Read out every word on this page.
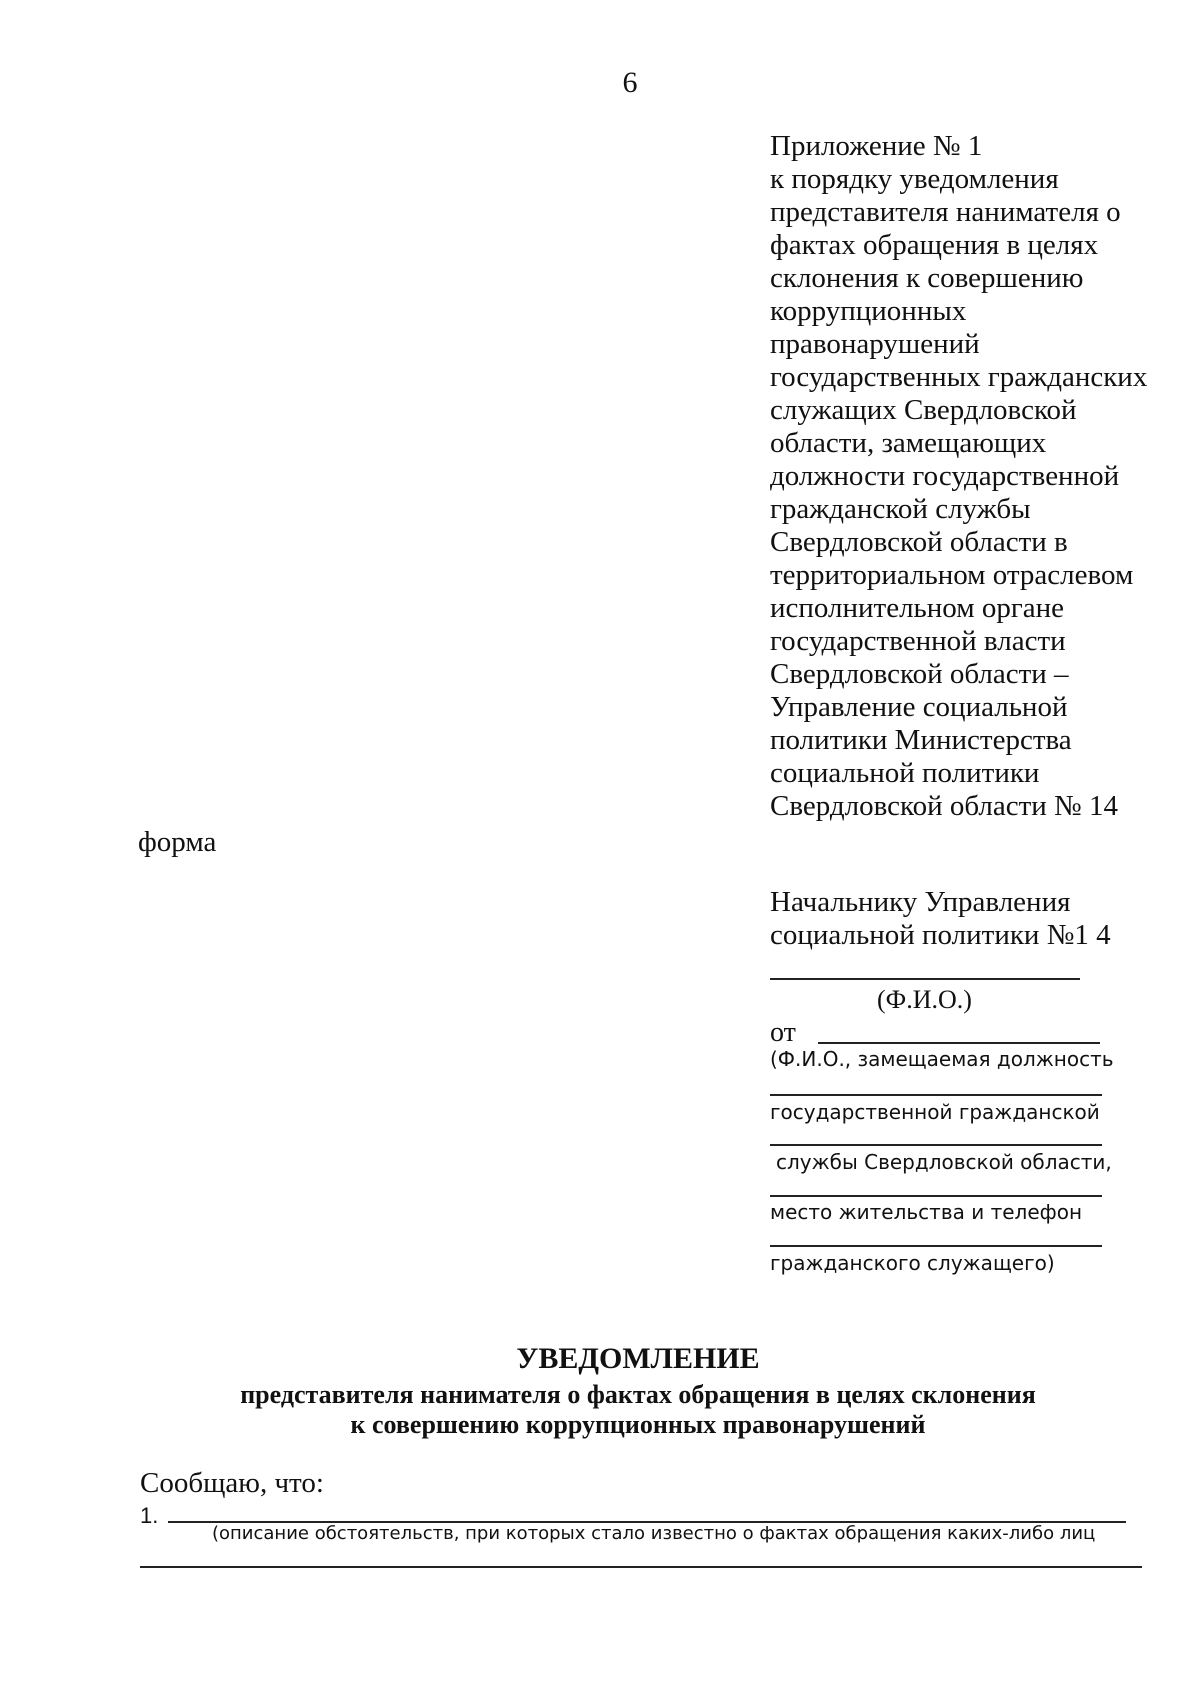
6
Приложение № 1
к порядку уведомления
представителя нанимателя о
фактах обращения в целях
склонения к совершению
коррупционных
правонарушений
государственных гражданских
служащих Свердловской
области, замещающих
должности государственной
гражданской службы
Свердловской области в
территориальном отраслевом
исполнительном органе
государственной власти
Свердловской области –
Управление социальной
политики Министерства
социальной политики
Свердловской области № 14
форма
Начальнику Управления
социальной политики №1 4
(Ф.И.О.)
от
(Ф.И.О., замещаемая должность
государственной гражданской
службы Свердловской области,
место жительства и телефон
гражданского служащего)
УВЕДОМЛЕНИЕ
представителя нанимателя о фактах обращения в целях склонения
к совершению коррупционных правонарушений
Сообщаю, что:
1.
(описание обстоятельств, при которых стало известно о фактах обращения каких-либо лиц
